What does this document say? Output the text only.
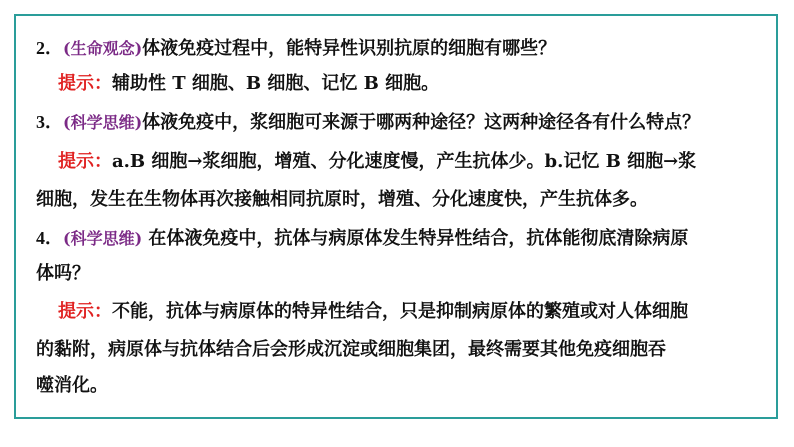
2．(生命观念)体液免疫过程中，能特异性识别抗原的细胞有哪些？
提示：辅助性 T 细胞、B 细胞、记忆 B 细胞。
3．(科学思维)体液免疫中，浆细胞可来源于哪两种途径？这两种途径各有什么特点？
提示：a.B 细胞→浆细胞，增殖、分化速度慢，产生抗体少。b.记忆 B 细胞→浆
细胞，发生在生物体再次接触相同抗原时，增殖、分化速度快，产生抗体多。
4．(科学思维) 在体液免疫中，抗体与病原体发生特异性结合，抗体能彻底清除病原
体吗？
提示：不能，抗体与病原体的特异性结合，只是抑制病原体的繁殖或对人体细胞
的黏附，病原体与抗体结合后会形成沉淀或细胞集团，最终需要其他免疫细胞吞
噬消化。
